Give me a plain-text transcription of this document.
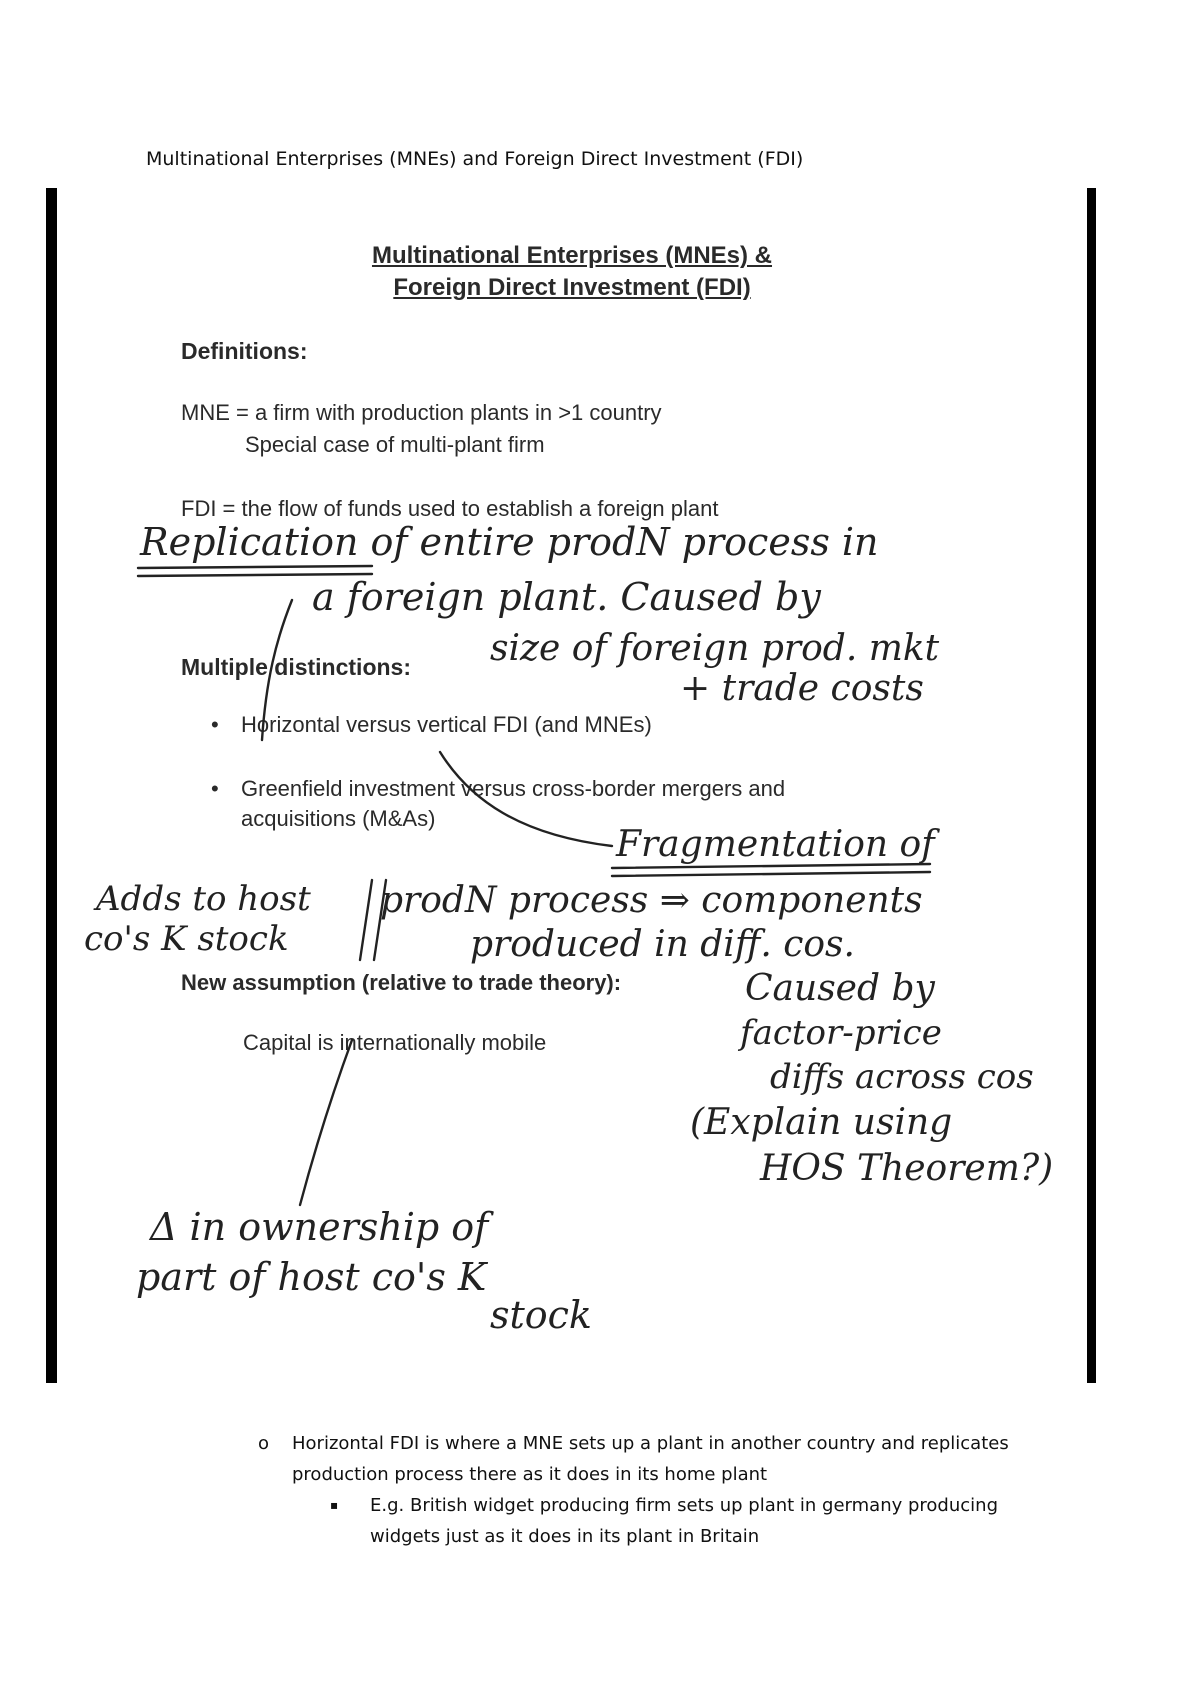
Multinational Enterprises (MNEs) and Foreign Direct Investment (FDI)
Multinational Enterprises (MNEs) &
Foreign Direct Investment (FDI)
Definitions:
MNE = a firm with production plants in >1 country
Special case of multi-plant firm
FDI = the flow of funds used to establish a foreign plant
Multiple distinctions:
• Horizontal versus vertical FDI (and MNEs)
• Greenfield investment versus cross-border mergers and
acquisitions (M&As)
New assumption (relative to trade theory):
Capital is internationally mobile
Replication of entire prodN process in
a foreign plant. Caused by
size of foreign prod. mkt
+ trade costs
Fragmentation of
prodN process ⇒ components
produced in diff. cos.
Caused by
factor-price
diffs across cos
(Explain using
HOS Theorem?)
Adds to host
co's K stock
Δ in ownership of
part of host co's K
stock
o Horizontal FDI is where a MNE sets up a plant in another country and replicates
production process there as it does in its home plant
▪ E.g. British widget producing firm sets up plant in germany producing
widgets just as it does in its plant in Britain
